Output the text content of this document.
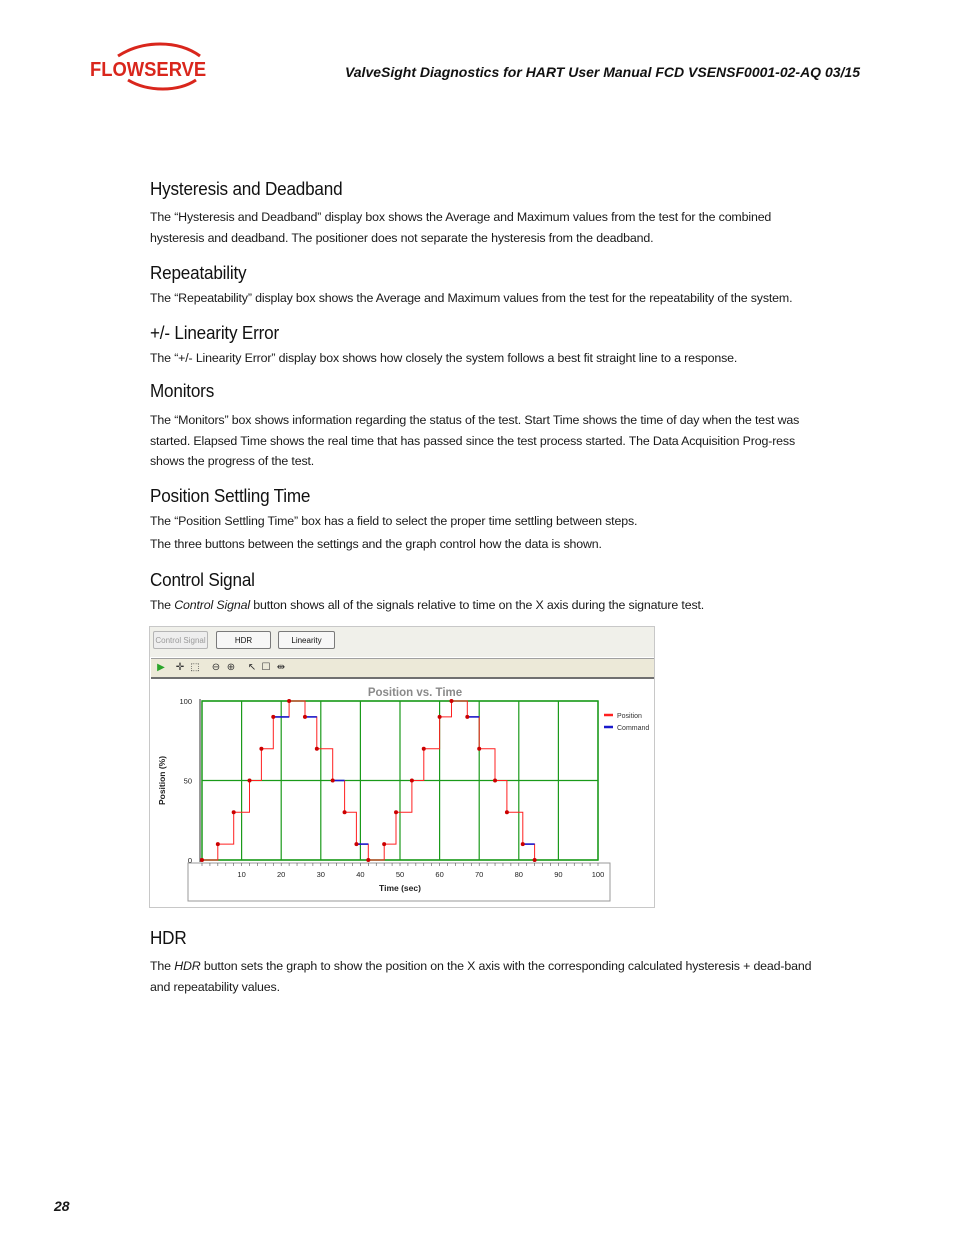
FLOWSERVE	ValveSight Diagnostics for HART User Manual FCD VSENSF0001-02-AQ 03/15
Hysteresis and Deadband

The “Hysteresis and Deadband” display box shows the Average and Maximum values from the test for the combined hysteresis and deadband. The positioner does not separate the hysteresis from the deadband.

Repeatability

The “Repeatability” display box shows the Average and Maximum values from the test for the repeatability of the system.

+/- Linearity Error

The “+/- Linearity Error” display box shows how closely the system follows a best fit straight line to a response.

Monitors

The “Monitors” box shows information regarding the status of the test. Start Time shows the time of day when the test was started. Elapsed Time shows the real time that has passed since the test process started. The Data Acquisition Prog-ress shows the progress of the test.

Position Settling Time

The “Position Settling Time” box has a field to select the proper time settling between steps.

The three buttons between the settings and the graph control how the data is shown.

Control Signal

The Control Signal button shows all of the signals relative to time on the X axis during the signature test.

Control Signal	HDR	Linearity
▶ ✛ ⬚ ⊖ ⊕ ↖ ☐ ⇹
10	20	30	40	50	60	70	80	90	100
0
50
100
Time (sec)
Position (%)
Position vs. Time
Position
Command
HDR

The HDR button sets the graph to show the position on the X axis with the corresponding calculated hysteresis + dead-band and repeatability values.

28
